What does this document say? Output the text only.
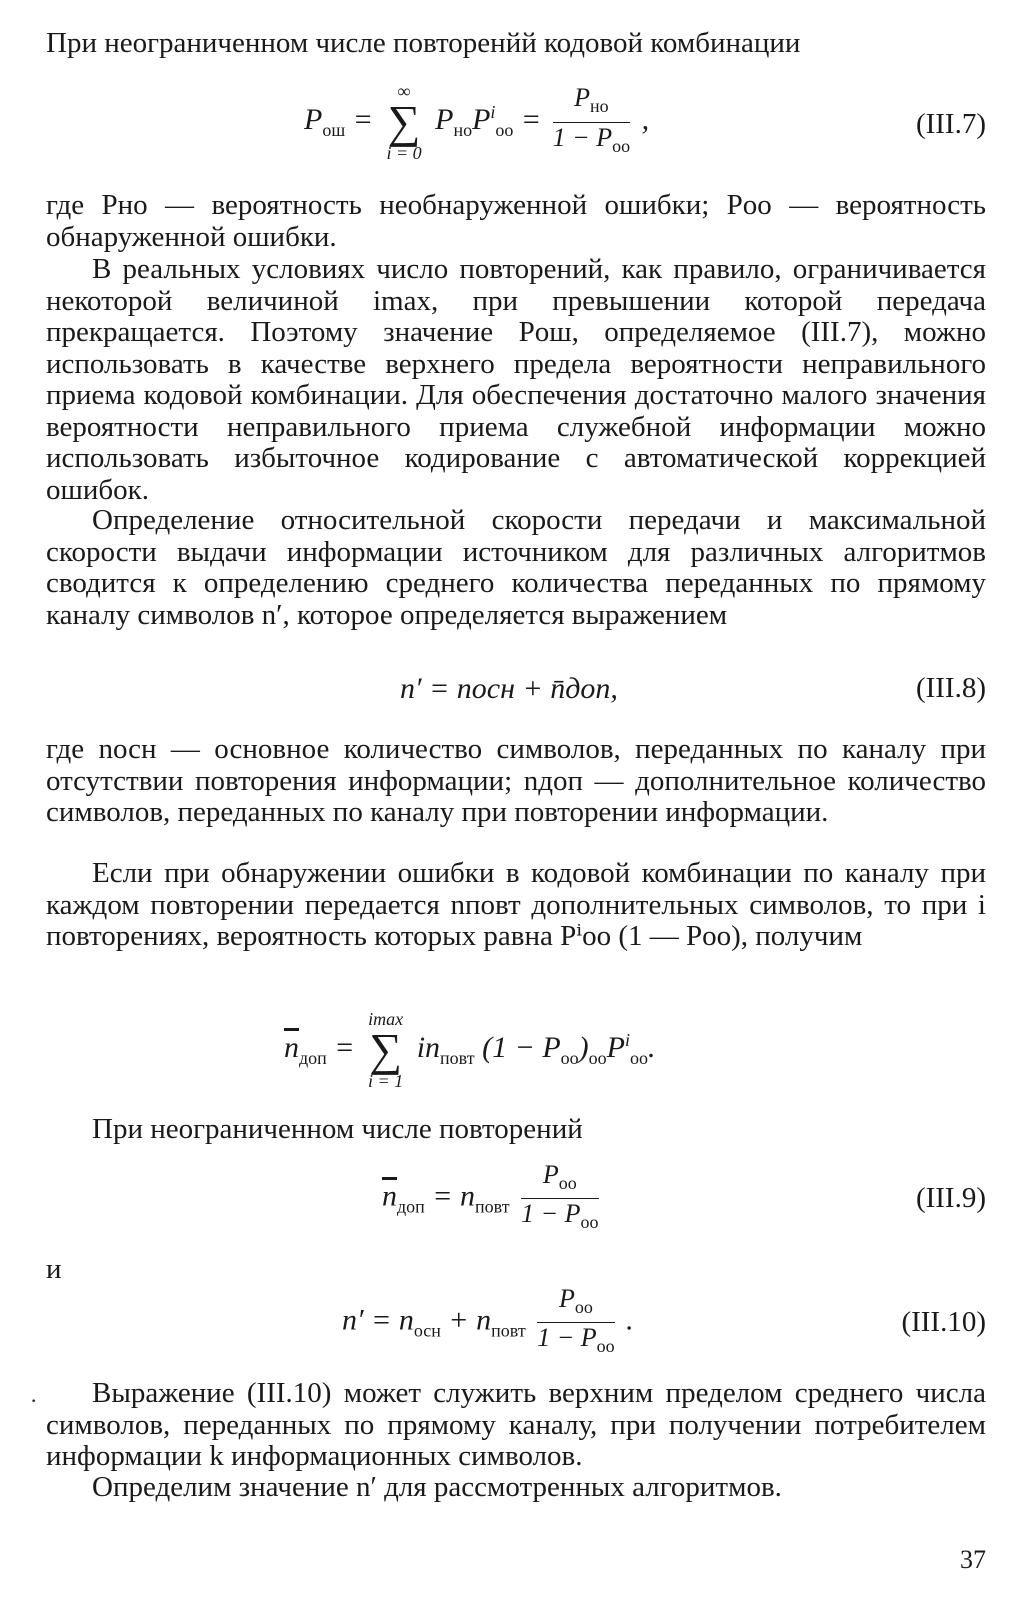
При неограниченном числе повторенйй кодовой комбинации

$P_{ош}$ =
∞
∑
i = 0
$P_{но}P^i_{оо} = \frac{P_{но}}{1 - P_{оо}}$ ,	(III.7)

где Pно — вероятность необнаруженной ошибки; Pоо — вероятность обнаруженной ошибки.

В реальных условиях число повторений, как правило, ограничивается некоторой величиной imax, при превышении которой передача прекращается. Поэтому значение Pош, определяемое (III.7), можно использовать в качестве верхнего предела вероятности неправильного приема кодовой комбинации. Для обеспечения достаточно малого значения вероятности неправильного приема служебной информации можно использовать избыточное кодирование с автоматической коррекцией ошибок.

Определение относительной скорости передачи и максимальной скорости выдачи информации источником для различных алгоритмов сводится к определению среднего количества переданных по прямому каналу символов n′, которое определяется выражением

n′ = nосн + n̄доп,	(III.8)

где nосн — основное количество символов, переданных по каналу при отсутствии повторения информации; nдоп — дополнительное количество символов, переданных по каналу при повторении информации.

Если при обнаружении ошибки в кодовой комбинации по каналу при каждом повторении передается nповт дополнительных символов, то при i повторениях, вероятность которых равна Pⁱоо (1 — Pоо), получим

$\overline{n}_{доп}$ =
imax
∑
i = 1
$in_{повт}$ $(1 - P_{оо})_{оо}P^i_{оо}$.

При неограниченном числе повторений

$\overline{n}_{доп} = n_{повт} \frac{P_{оо}}{1 - P_{оо}}$	(III.9)

и

$n' = n_{осн} + n_{повт} \frac{P_{оо}}{1 - P_{оо}}$ .	(III.10)
·	Выражение (III.10) может служить верхним пределом среднего числа символов, переданных по прямому каналу, при получении потребителем информации k информационных символов.

Определим значение n′ для рассмотренных алгоритмов.

37
